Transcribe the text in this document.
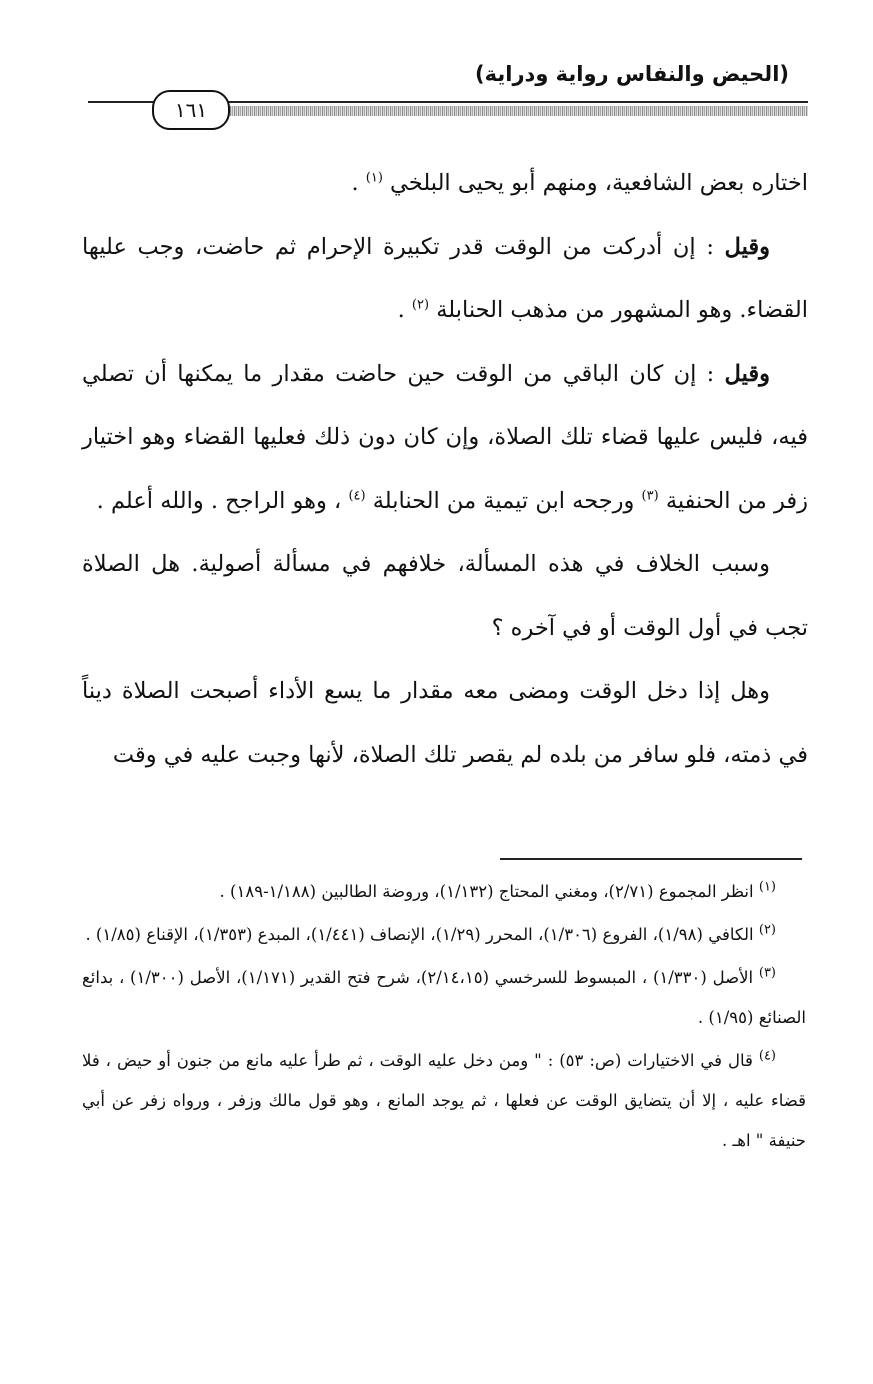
(الحيض والنفاس رواية ودراية)
١٦١

اختاره بعض الشافعية، ومنهم أبو يحيى البلخي $^{(١)}$ .

وقيل : إن أدركت من الوقت قدر تكبيرة الإحرام ثم حاضت، وجب عليها القضاء. وهو المشهور من مذهب الحنابلة $^{(٢)}$ .

وقيل : إن كان الباقي من الوقت حين حاضت مقدار ما يمكنها أن تصلي فيه، فليس عليها قضاء تلك الصلاة، وإن كان دون ذلك فعليها القضاء وهو اختيار زفر من الحنفية $^{(٣)}$ ورجحه ابن تيمية من الحنابلة $^{(٤)}$ ، وهو الراجح . والله أعلم .

وسبب الخلاف في هذه المسألة، خلافهم في مسألة أصولية. هل الصلاة تجب في أول الوقت أو في آخره ؟

وهل إذا دخل الوقت ومضى معه مقدار ما يسع الأداء أصبحت الصلاة ديناً في ذمته، فلو سافر من بلده لم يقصر تلك الصلاة، لأنها وجبت عليه في وقت

$^{(١)}$ انظر المجموع (٢/٧١)، ومغني المحتاج (١/١٣٢)، وروضة الطالبين (١/١٨٨-١٨٩) .

$^{(٢)}$ الكافي (١/٩٨)، الفروع (١/٣٠٦)، المحرر (١/٢٩)، الإنصاف (١/٤٤١)، المبدع (١/٣٥٣)، الإقناع (١/٨٥) .

$^{(٣)}$ الأصل (١/٣٣٠) ، المبسوط للسرخسي (٢/١٤،١٥)، شرح فتح القدير (١/١٧١)، الأصل (١/٣٠٠) ، بدائع الصنائع (١/٩٥) .

$^{(٤)}$ قال في الاختيارات (ص: ٥٣) : " ومن دخل عليه الوقت ، ثم طرأ عليه مانع من جنون أو حيض ، فلا قضاء عليه ، إلا أن يتضايق الوقت عن فعلها ، ثم يوجد المانع ، وهو قول مالك وزفر ، ورواه زفر عن أبي حنيفة " اهـ .
